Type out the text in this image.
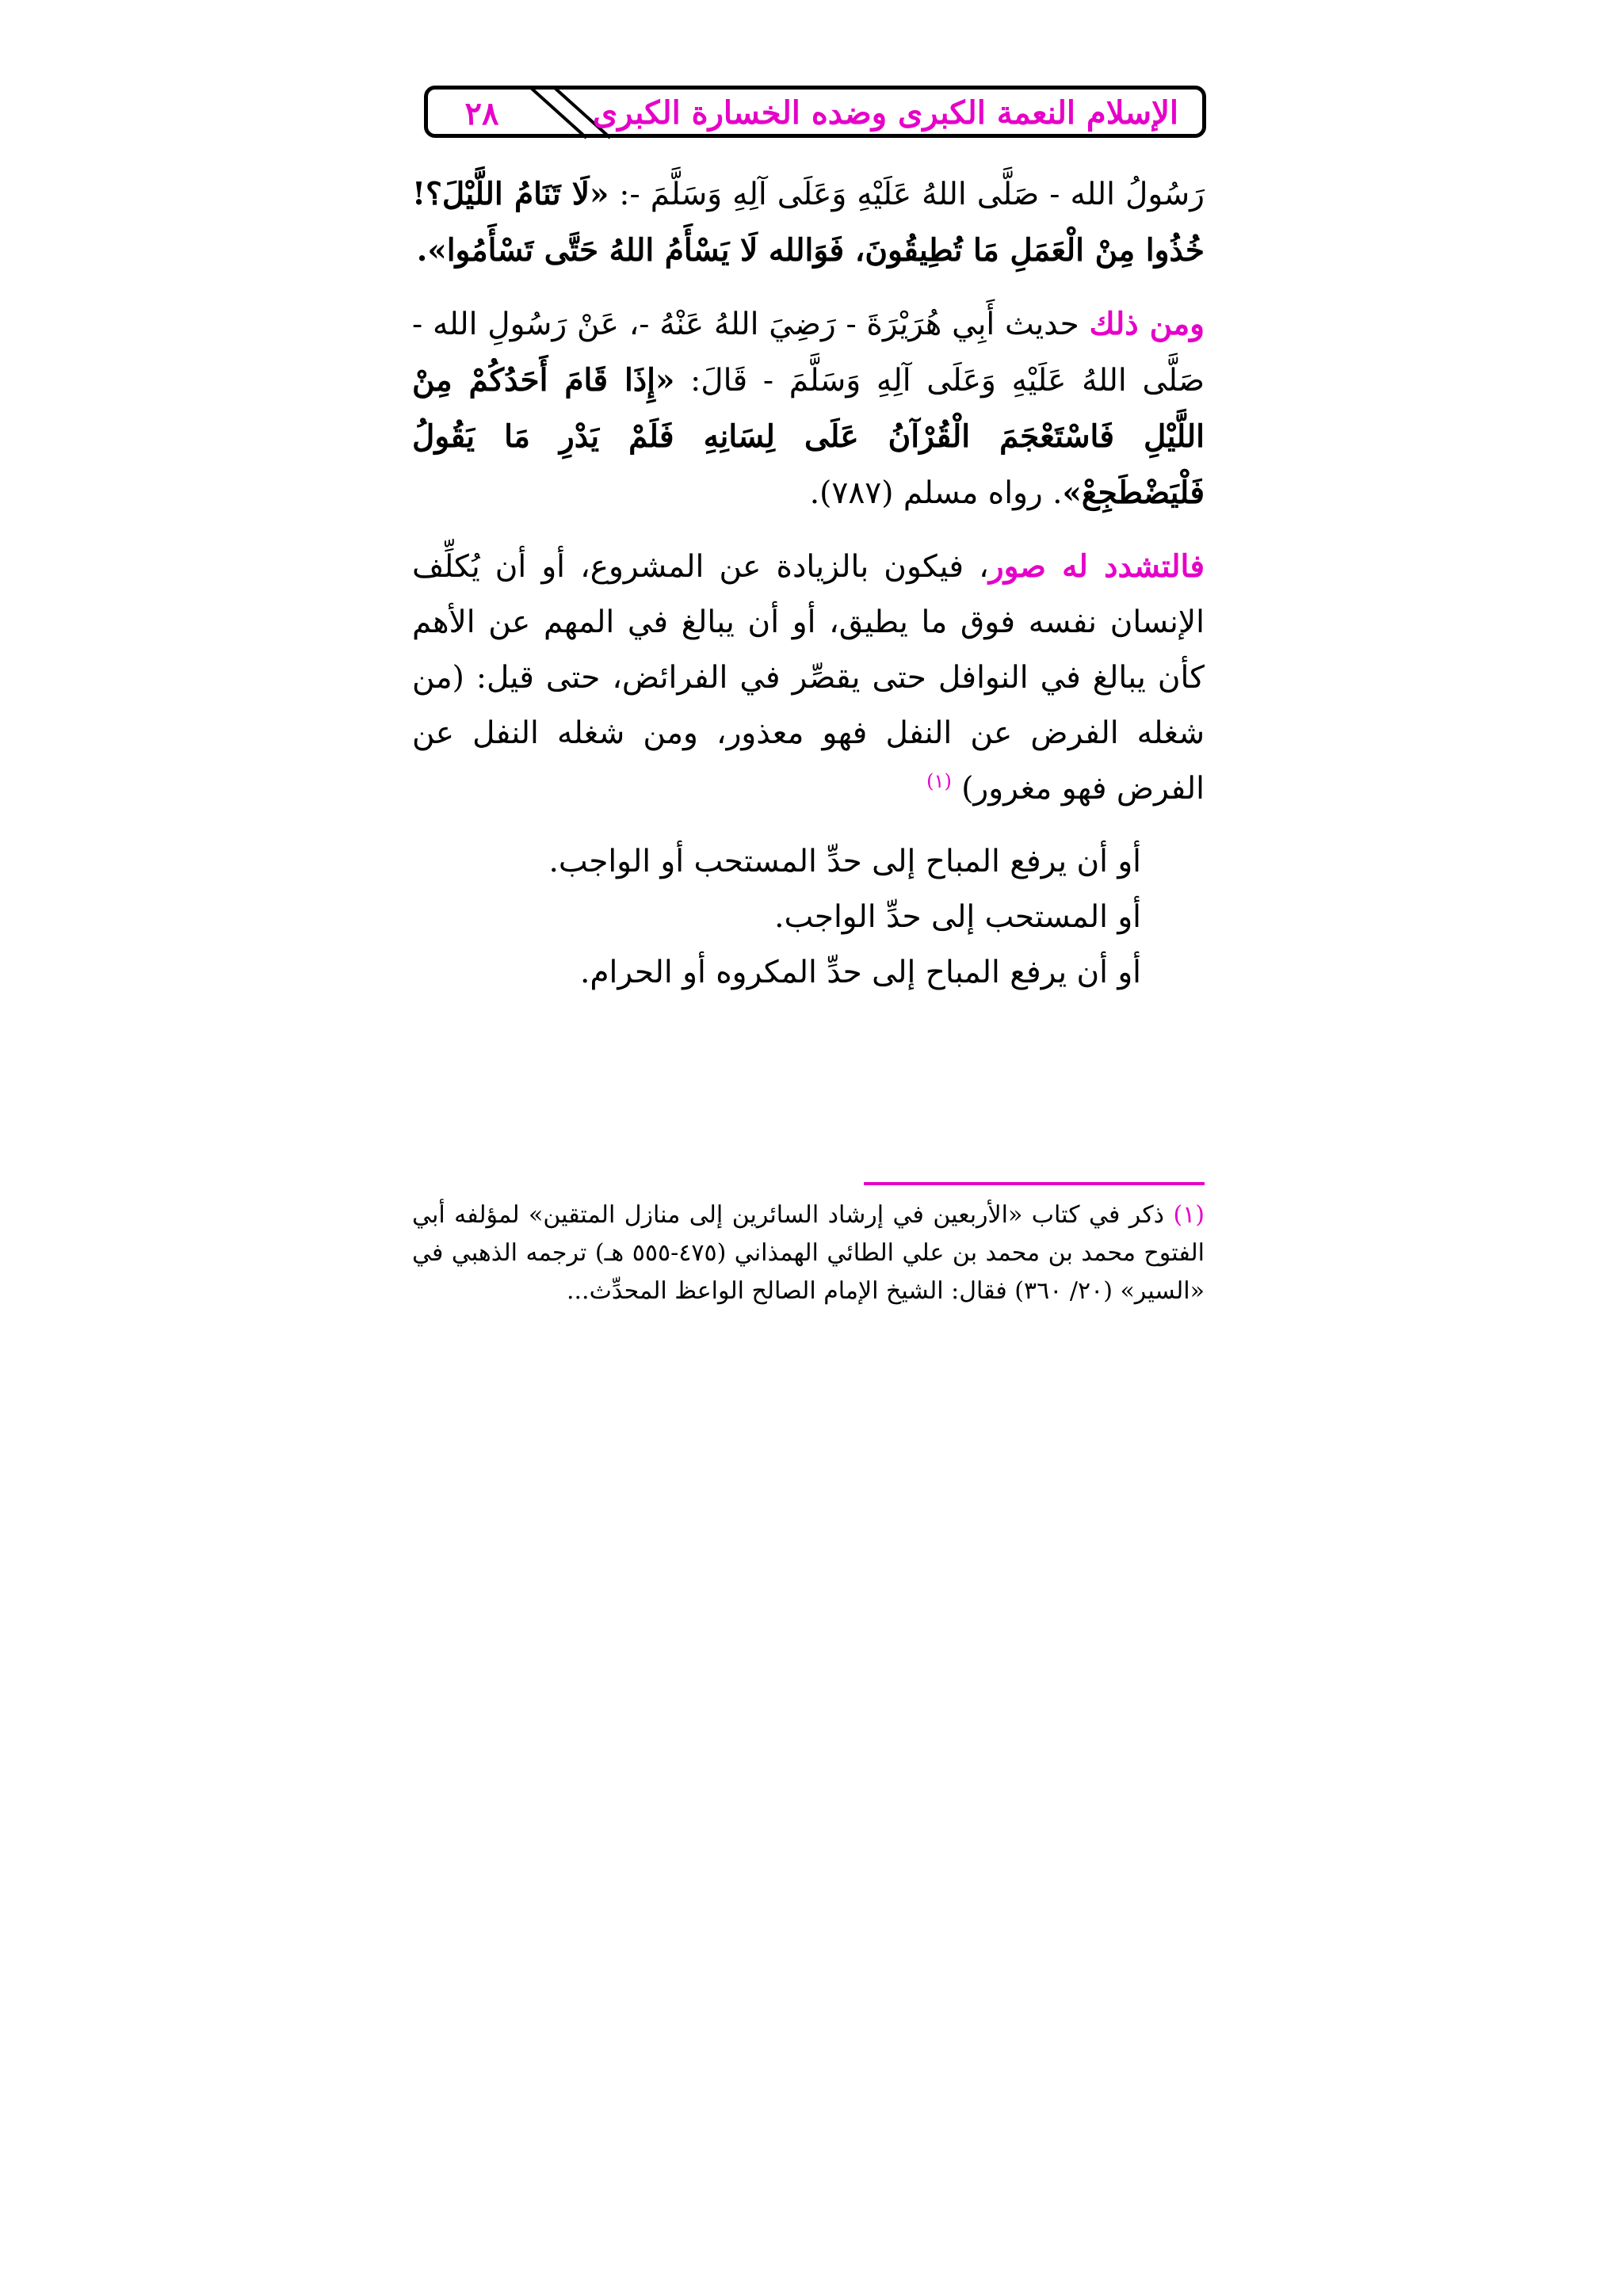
٢٨	الإسلام النعمة الكبرى وضده الخسارة الكبرى

رَسُولُ الله - صَلَّى اللهُ عَلَيْهِ وَعَلَى آلِهِ وَسَلَّمَ -: «لَا تَنَامُ اللَّيْلَ؟! خُذُوا مِنْ الْعَمَلِ مَا تُطِيقُونَ، فَوَالله لَا يَسْأَمُ اللهُ حَتَّى تَسْأَمُوا».

ومن ذلك حديث أَبِي هُرَيْرَةَ - رَضِيَ اللهُ عَنْهُ -، عَنْ رَسُولِ الله - صَلَّى اللهُ عَلَيْهِ وَعَلَى آلِهِ وَسَلَّمَ - قَالَ: «إِذَا قَامَ أَحَدُكُمْ مِنْ اللَّيْلِ فَاسْتَعْجَمَ الْقُرْآنُ عَلَى لِسَانِهِ فَلَمْ يَدْرِ مَا يَقُولُ فَلْيَضْطَجِعْ». رواه مسلم (٧٨٧).

فالتشدد له صور، فيكون بالزيادة عن المشروع، أو أن يُكلِّف الإنسان نفسه فوق ما يطيق، أو أن يبالغ في المهم عن الأهم كأن يبالغ في النوافل حتى يقصِّر في الفرائض، حتى قيل: (من شغله الفرض عن النفل فهو معذور، ومن شغله النفل عن الفرض فهو مغرور) $^{(١)}$

أو أن يرفع المباح إلى حدِّ المستحب أو الواجب.

أو المستحب إلى حدِّ الواجب.

أو أن يرفع المباح إلى حدِّ المكروه أو الحرام.

(١) ذكر في كتاب «الأربعين في إرشاد السائرين إلى منازل المتقين» لمؤلفه أبي الفتوح محمد بن محمد بن علي الطائي الهمذاني (٤٧٥-٥٥٥ هـ) ترجمه الذهبي في «السير» (٢٠/ ٣٦٠) فقال: الشيخ الإمام الصالح الواعظ المحدِّث...
